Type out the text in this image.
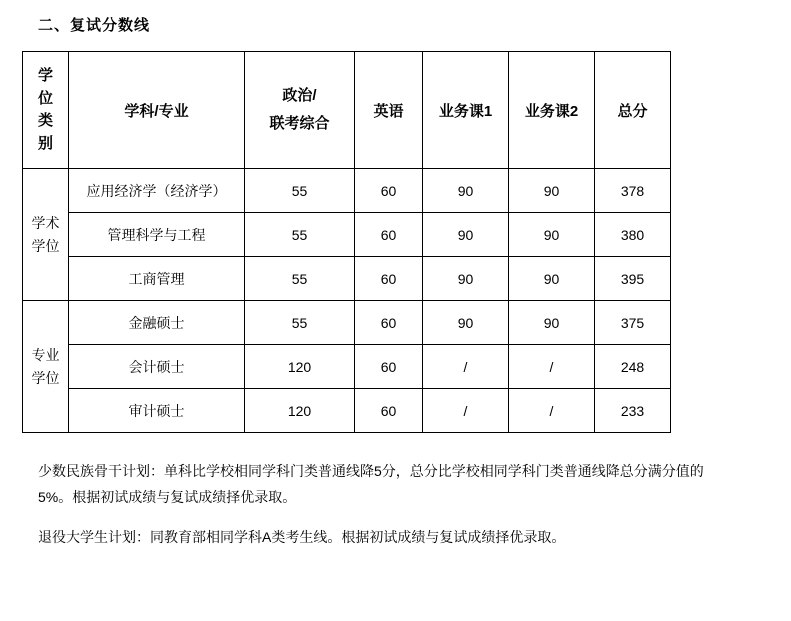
二、复试分数线
学
位
类
别	学科/专业	政治/
联考综合	英语	业务课1	业务课2	总分

学术
学位	应用经济学（经济学）	55	60	90	90	378
	管理科学与工程	55	60	90	90	380
	工商管理	55	60	90	90	395

专业
学位	金融硕士	55	60	90	90	375
	会计硕士	120	60	/	/	248
	审计硕士	120	60	/	/	233

少数民族骨干计划：单科比学校相同学科门类普通线降5分，总分比学校相同学科门类普通线降总分满分值的5%。根据初试成绩与复试成绩择优录取。

退役大学生计划：同教育部相同学科A类考生线。根据初试成绩与复试成绩择优录取。
